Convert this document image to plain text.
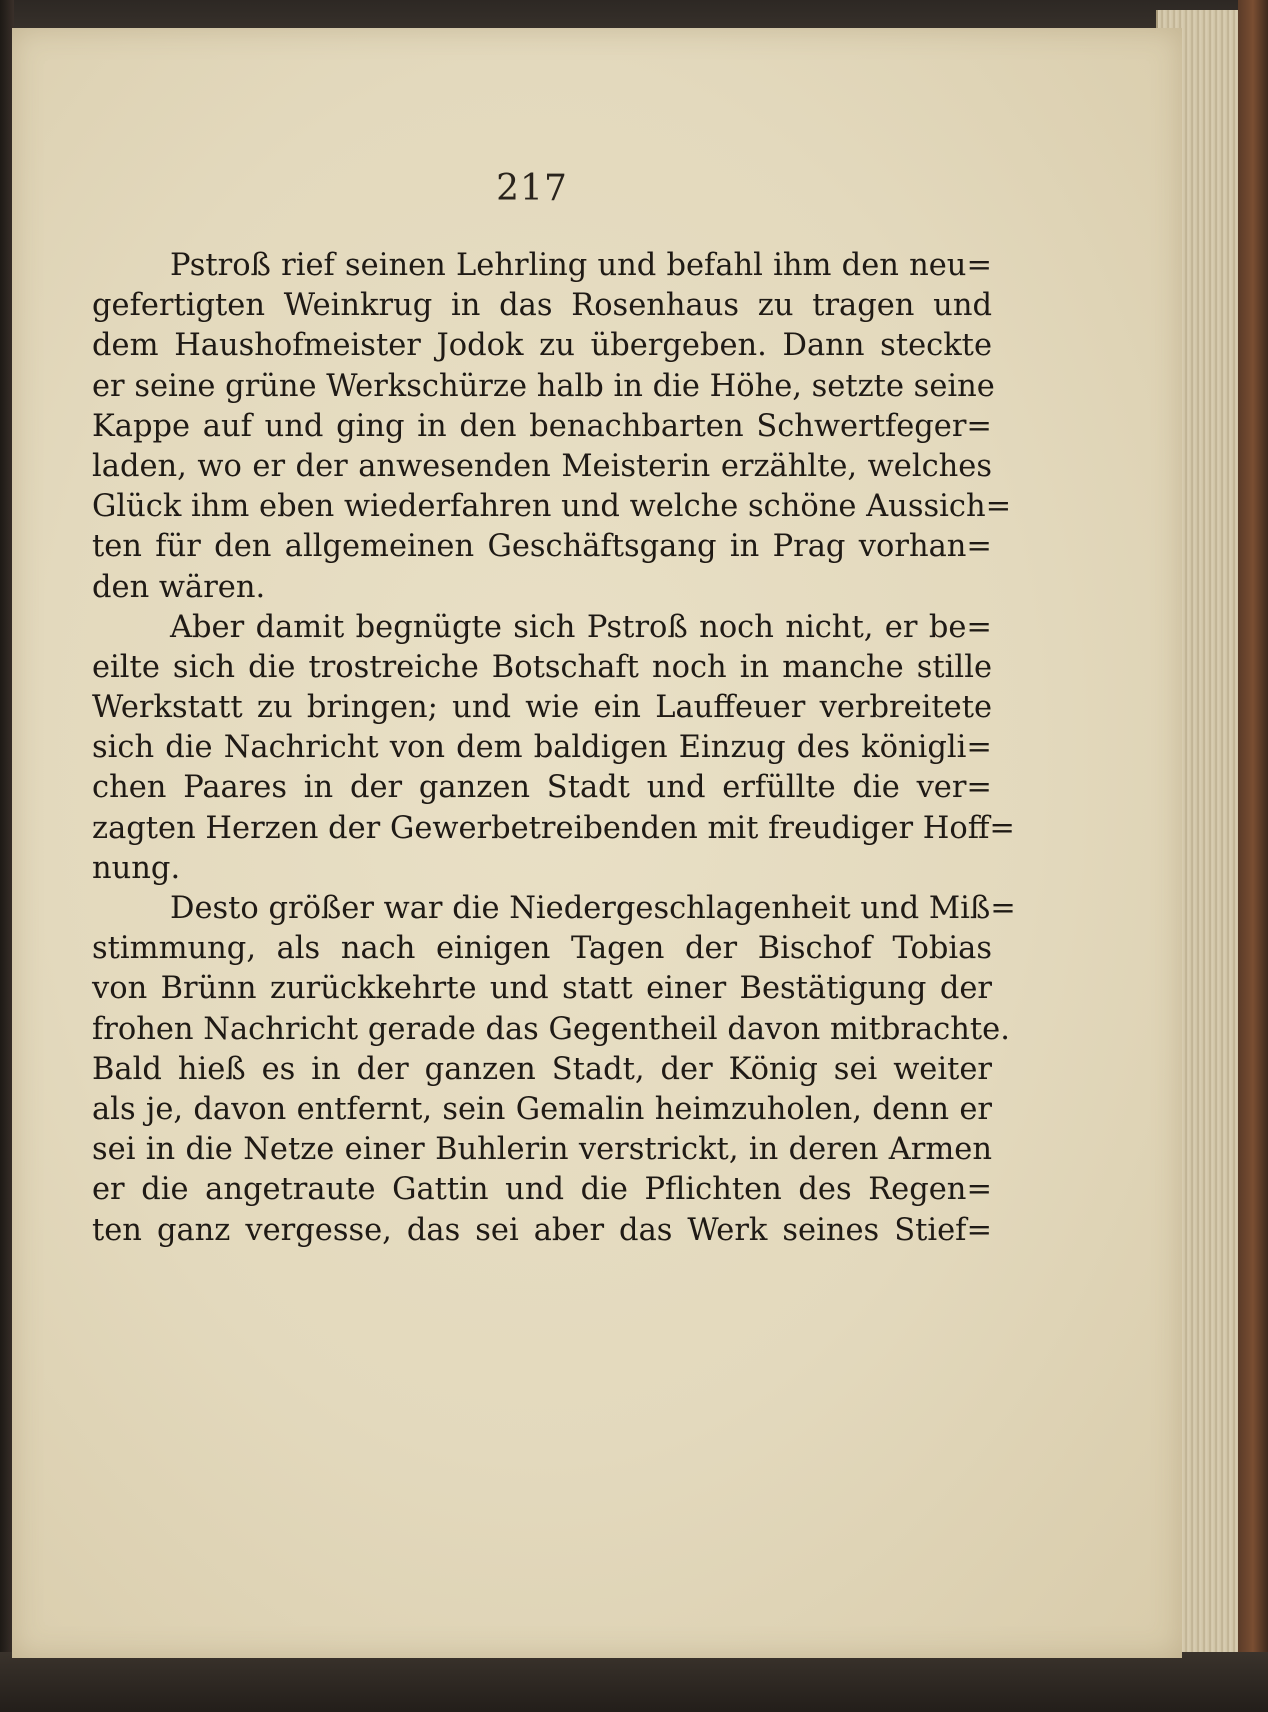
217
Pstroß rief seinen Lehrling und befahl ihm den neu=
gefertigten Weinkrug in das Rosenhaus zu tragen und
dem Haushofmeister Jodok zu übergeben. Dann steckte
er seine grüne Werkschürze halb in die Höhe, setzte seine
Kappe auf und ging in den benachbarten Schwertfeger=
laden, wo er der anwesenden Meisterin erzählte, welches
Glück ihm eben wiederfahren und welche schöne Aussich=
ten für den allgemeinen Geschäftsgang in Prag vorhan=
den wären.
Aber damit begnügte sich Pstroß noch nicht, er be=
eilte sich die trostreiche Botschaft noch in manche stille
Werkstatt zu bringen; und wie ein Lauffeuer verbreitete
sich die Nachricht von dem baldigen Einzug des königli=
chen Paares in der ganzen Stadt und erfüllte die ver=
zagten Herzen der Gewerbetreibenden mit freudiger Hoff=
nung.
Desto größer war die Niedergeschlagenheit und Miß=
stimmung, als nach einigen Tagen der Bischof Tobias
von Brünn zurückkehrte und statt einer Bestätigung der
frohen Nachricht gerade das Gegentheil davon mitbrachte.
Bald hieß es in der ganzen Stadt, der König sei weiter
als je, davon entfernt, sein Gemalin heimzuholen, denn er
sei in die Netze einer Buhlerin verstrickt, in deren Armen
er die angetraute Gattin und die Pflichten des Regen=
ten ganz vergesse, das sei aber das Werk seines Stief=
